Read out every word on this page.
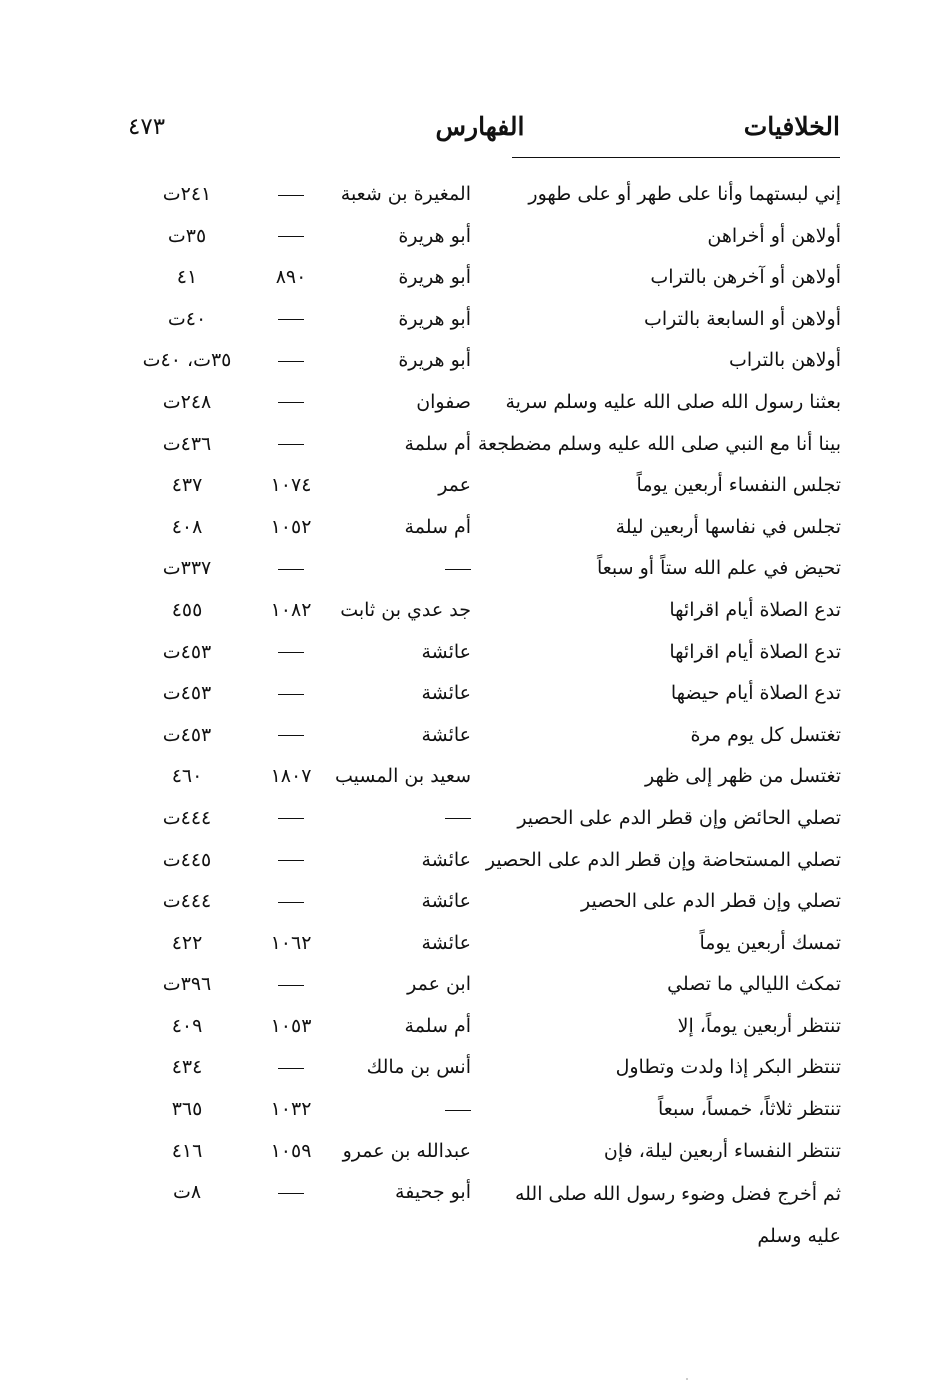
الخلافيات
الفهارس
٤٧٣
إني لبستهما وأنا على طهر أو على طهور
المغيرة بن شعبة
٢٤١ت
أولاهن أو أخراهن
أبو هريرة
٣٥ت
أولاهن أو آخرهن بالتراب
أبو هريرة
٨٩٠
٤١
أولاهن أو السابعة بالتراب
أبو هريرة
٤٠ت
أولاهن بالتراب
أبو هريرة
٣٥ت، ٤٠ت
بعثنا رسول الله صلى الله عليه وسلم سرية
صفوان
٢٤٨ت
بينا أنا مع النبي صلى الله عليه وسلم مضطجعة
أم سلمة
٤٣٦ت
تجلس النفساء أربعين يوماً
عمر
١٠٧٤
٤٣٧
تجلس في نفاسها أربعين ليلة
أم سلمة
١٠٥٢
٤٠٨
تحيض في علم الله ستاً أو سبعاً
٣٣٧ت
تدع الصلاة أيام اقرائها
جد عدي بن ثابت
١٠٨٢
٤٥٥
تدع الصلاة أيام اقرائها
عائشة
٤٥٣ت
تدع الصلاة أيام حيضها
عائشة
٤٥٣ت
تغتسل كل يوم مرة
عائشة
٤٥٣ت
تغتسل من ظهر إلى ظهر
سعيد بن المسيب
١٨٠٧
٤٦٠
تصلي الحائض وإن قطر الدم على الحصير
٤٤٤ت
تصلي المستحاضة وإن قطر الدم على الحصير
عائشة
٤٤٥ت
تصلي وإن قطر الدم على الحصير
عائشة
٤٤٤ت
تمسك أربعين يوماً
عائشة
١٠٦٢
٤٢٢
تمكث الليالي ما تصلي
ابن عمر
٣٩٦ت
تنتظر أربعين يوماً، إلا
أم سلمة
١٠٥٣
٤٠٩
تنتظر البكر إذا ولدت وتطاول
أنس بن مالك
٤٣٤
تنتظر ثلاثاً، خمساً، سبعاً
١٠٣٢
٣٦٥
تنتظر النفساء أربعين ليلة، فإن
عبدالله بن عمرو
١٠٥٩
٤١٦
ثم أخرج فضل وضوء رسول الله صلى الله عليه وسلم
أبو جحيفة
٨ت
